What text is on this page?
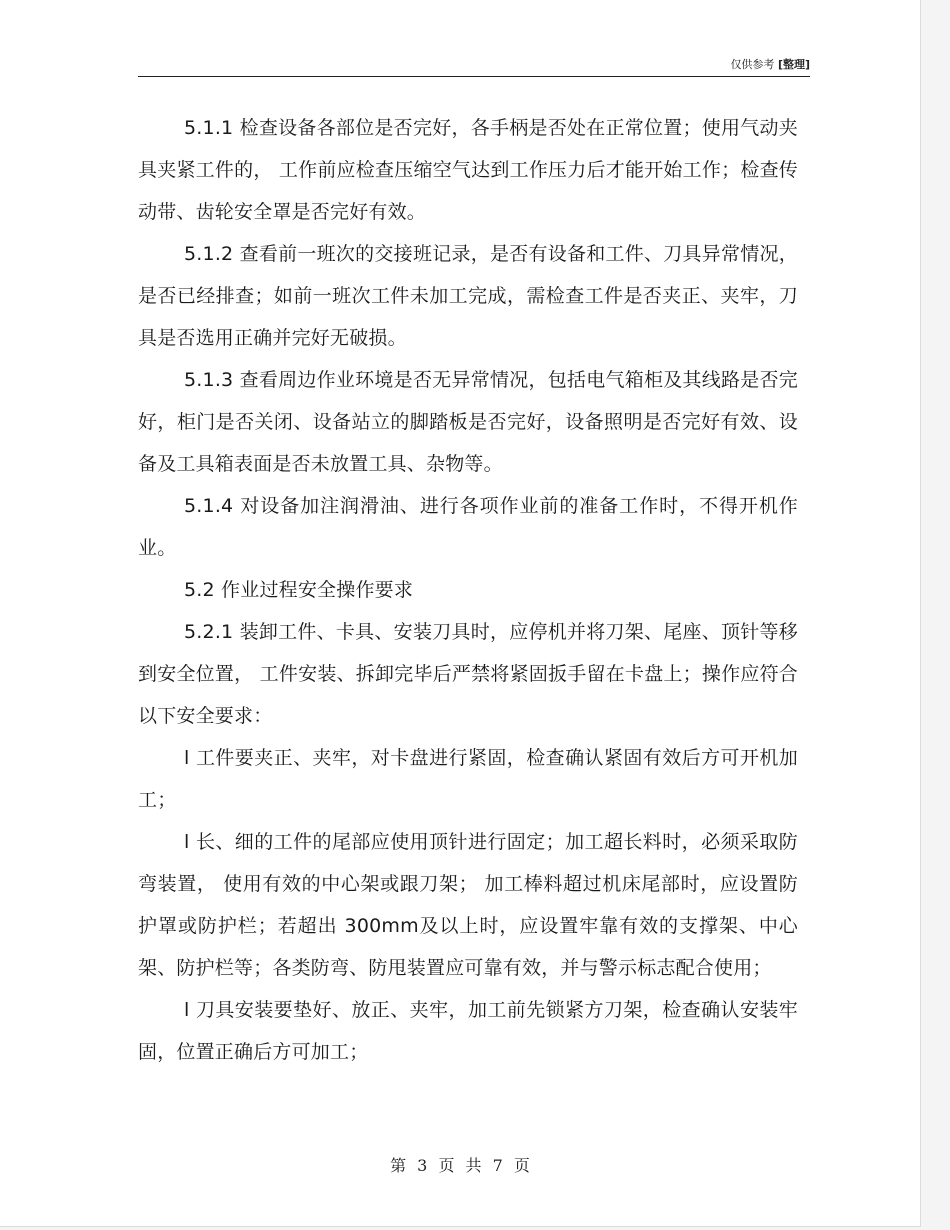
仅供参考 [整理]

5.1.1 检查设备各部位是否完好，各手柄是否处在正常位置；使用气动夹具夹紧工件的， 工作前应检查压缩空气达到工作压力后才能开始工作；检查传动带、齿轮安全罩是否完好有效。

5.1.2 查看前一班次的交接班记录，是否有设备和工件、刀具异常情况，是否已经排查；如前一班次工件未加工完成，需检查工件是否夹正、夹牢，刀具是否选用正确并完好无破损。

5.1.3 查看周边作业环境是否无异常情况，包括电气箱柜及其线路是否完好，柜门是否关闭、设备站立的脚踏板是否完好，设备照明是否完好有效、设备及工具箱表面是否未放置工具、杂物等。

5.1.4 对设备加注润滑油、进行各项作业前的准备工作时，不得开机作业。

5.2 作业过程安全操作要求

5.2.1 装卸工件、卡具、安装刀具时，应停机并将刀架、尾座、顶针等移到安全位置， 工件安装、拆卸完毕后严禁将紧固扳手留在卡盘上；操作应符合以下安全要求：

l 工件要夹正、夹牢，对卡盘进行紧固，检查确认紧固有效后方可开机加工；

l 长、细的工件的尾部应使用顶针进行固定；加工超长料时，必须采取防弯装置， 使用有效的中心架或跟刀架； 加工棒料超过机床尾部时，应设置防护罩或防护栏；若超出 300mm及以上时，应设置牢靠有效的支撑架、中心架、防护栏等；各类防弯、防甩装置应可靠有效，并与警示标志配合使用；

l 刀具安装要垫好、放正、夹牢，加工前先锁紧方刀架，检查确认安装牢固，位置正确后方可加工；

第 3 页 共 7 页
